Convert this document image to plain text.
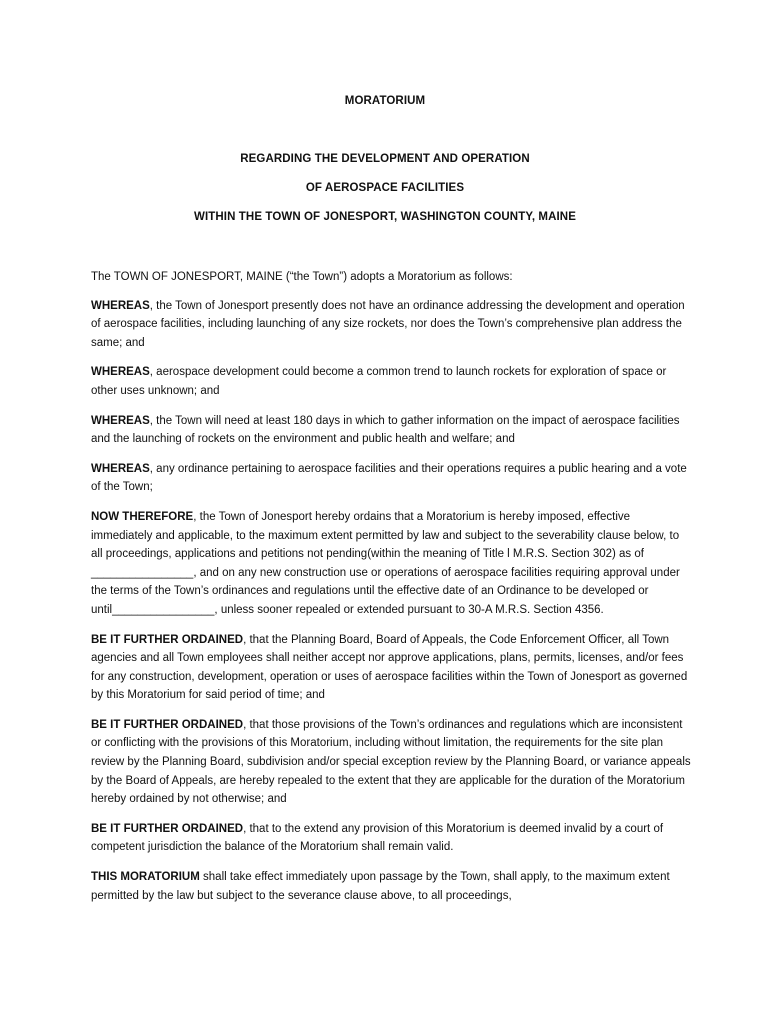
MORATORIUM
REGARDING THE DEVELOPMENT AND OPERATION
OF AEROSPACE FACILITIES
WITHIN THE TOWN OF JONESPORT, WASHINGTON COUNTY, MAINE

The TOWN OF JONESPORT, MAINE (“the Town”) adopts a Moratorium as follows:

WHEREAS, the Town of Jonesport presently does not have an ordinance addressing the development and operation of aerospace facilities, including launching of any size rockets, nor does the Town’s comprehensive plan address the same; and

WHEREAS, aerospace development could become a common trend to launch rockets for exploration of space or other uses unknown; and

WHEREAS, the Town will need at least 180 days in which to gather information on the impact of aerospace facilities and the launching of rockets on the environment and public health and welfare; and

WHEREAS, any ordinance pertaining to aerospace facilities and their operations requires a public hearing and a vote of the Town;

NOW THEREFORE, the Town of Jonesport hereby ordains that a Moratorium is hereby imposed, effective immediately and applicable, to the maximum extent permitted by law and subject to the severability clause below, to all proceedings, applications and petitions not pending(within the meaning of Title l M.R.S. Section 302) as of ________________, and on any new construction use or operations of aerospace facilities requiring approval under the terms of the Town’s ordinances and regulations until the effective date of an Ordinance to be developed or until________________, unless sooner repealed or extended pursuant to 30-A M.R.S. Section 4356.

BE IT FURTHER ORDAINED, that the Planning Board, Board of Appeals, the Code Enforcement Officer, all Town agencies and all Town employees shall neither accept nor approve applications, plans, permits, licenses, and/or fees for any construction, development, operation or uses of aerospace facilities within the Town of Jonesport as governed by this Moratorium for said period of time; and

BE IT FURTHER ORDAINED, that those provisions of the Town’s ordinances and regulations which are inconsistent or conflicting with the provisions of this Moratorium, including without limitation, the requirements for the site plan review by the Planning Board, subdivision and/or special exception review by the Planning Board, or variance appeals by the Board of Appeals, are hereby repealed to the extent that they are applicable for the duration of the Moratorium hereby ordained by not otherwise; and

BE IT FURTHER ORDAINED, that to the extend any provision of this Moratorium is deemed invalid by a court of competent jurisdiction the balance of the Moratorium shall remain valid.

THIS MORATORIUM shall take effect immediately upon passage by the Town, shall apply, to the maximum extent permitted by the law but subject to the severance clause above, to all proceedings,
